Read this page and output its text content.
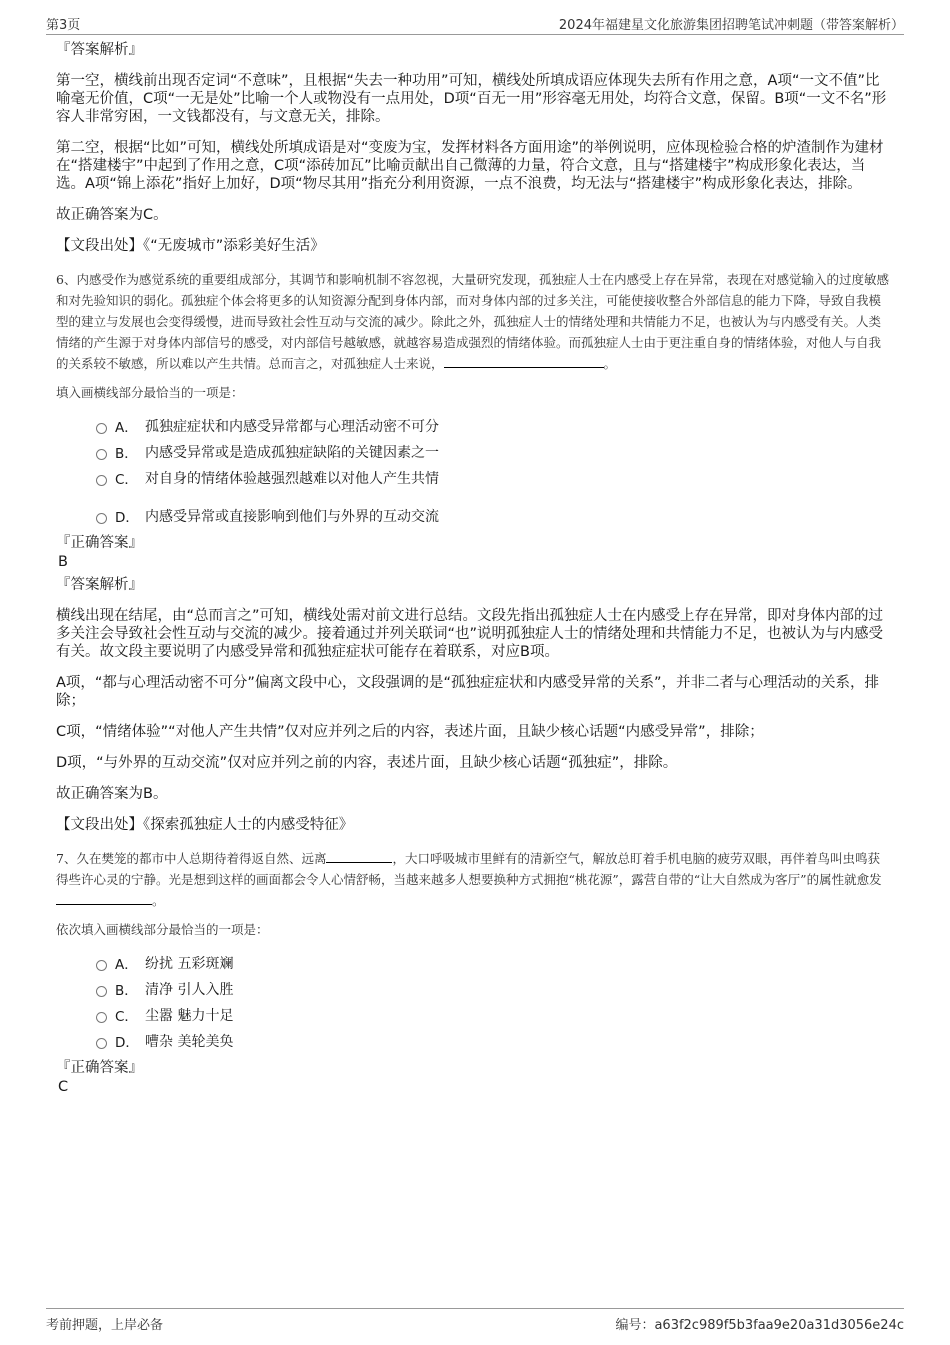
第3页	2024年福建星文化旅游集团招聘笔试冲刺题（带答案解析）

『答案解析』

第一空，横线前出现否定词“不意味”，且根据“失去一种功用”可知，横线处所填成语应体现失去所有作用之意，A项“一文不值”比喻毫无价值，C项“一无是处”比喻一个人或物没有一点用处，D项“百无一用”形容毫无用处，均符合文意，保留。B项“一文不名”形容人非常穷困，一文钱都没有，与文意无关，排除。

第二空，根据“比如”可知，横线处所填成语是对“变废为宝，发挥材料各方面用途”的举例说明，应体现检验合格的炉渣制作为建材在“搭建楼宇”中起到了作用之意，C项“添砖加瓦”比喻贡献出自己微薄的力量，符合文意，且与“搭建楼宇”构成形象化表达，当选。A项“锦上添花”指好上加好，D项“物尽其用”指充分利用资源，一点不浪费，均无法与“搭建楼宇”构成形象化表达，排除。

故正确答案为C。

【文段出处】《“无废城市”添彩美好生活》

6、内感受作为感觉系统的重要组成部分，其调节和影响机制不容忽视，大量研究发现，孤独症人士在内感受上存在异常，表现在对感觉输入的过度敏感和对先验知识的弱化。孤独症个体会将更多的认知资源分配到身体内部，而对身体内部的过多关注，可能使接收整合外部信息的能力下降，导致自我模型的建立与发展也会变得缓慢，进而导致社会性互动与交流的减少。除此之外，孤独症人士的情绪处理和共情能力不足，也被认为与内感受有关。人类情绪的产生源于对身体内部信号的感受，对内部信号越敏感，就越容易造成强烈的情绪体验。而孤独症人士由于更注重自身的情绪体验，对他人与自我的关系较不敏感，所以难以产生共情。总而言之，对孤独症人士来说，	。

填入画横线部分最恰当的一项是：

A． 孤独症症状和内感受异常都与心理活动密不可分
B． 内感受异常或是造成孤独症缺陷的关键因素之一
C． 对自身的情绪体验越强烈越难以对他人产生共情
D． 内感受异常或直接影响到他们与外界的互动交流

『正确答案』

B

『答案解析』

横线出现在结尾，由“总而言之”可知，横线处需对前文进行总结。文段先指出孤独症人士在内感受上存在异常，即对身体内部的过多关注会导致社会性互动与交流的减少。接着通过并列关联词“也”说明孤独症人士的情绪处理和共情能力不足，也被认为与内感受有关。故文段主要说明了内感受异常和孤独症症状可能存在着联系，对应B项。

A项，“都与心理活动密不可分”偏离文段中心，文段强调的是“孤独症症状和内感受异常的关系”，并非二者与心理活动的关系，排除；

C项，“情绪体验”“对他人产生共情”仅对应并列之后的内容，表述片面，且缺少核心话题“内感受异常”，排除；

D项，“与外界的互动交流”仅对应并列之前的内容，表述片面，且缺少核心话题“孤独症”，排除。

故正确答案为B。

【文段出处】《探索孤独症人士的内感受特征》

7、久在樊笼的都市中人总期待着得返自然、远离	，大口呼吸城市里鲜有的清新空气，解放总盯着手机电脑的疲劳双眼，再伴着鸟叫虫鸣获得些许心灵的宁静。光是想到这样的画面都会令人心情舒畅，当越来越多人想要换种方式拥抱“桃花源”，露营自带的“让大自然成为客厅”的属性就愈发。

依次填入画横线部分最恰当的一项是：

A． 纷扰 五彩斑斓
B． 清净 引人入胜
C． 尘嚣 魅力十足
D． 嘈杂 美轮美奂

『正确答案』

C

考前押题，上岸必备	编号：a63f2c989f5b3faa9e20a31d3056e24c
